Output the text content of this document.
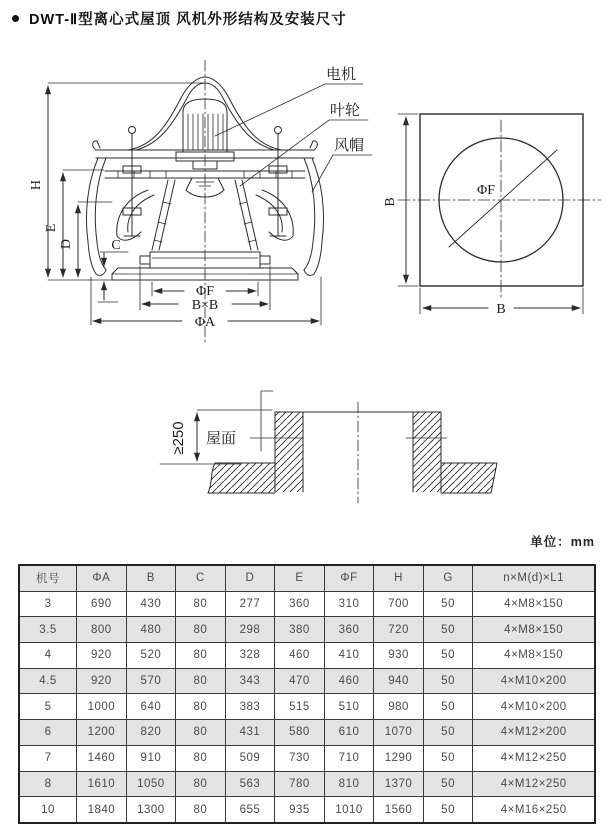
DWT-Ⅱ型离心式屋顶 风机外形结构及安装尺寸
H
E
D	C
ΦF
B×B
ΦA
电机
叶轮
风帽
ΦF
B
B
≥250 屋面
单位：mm
机号	ΦA	B	C	D	E	ΦF	H	G	n×M(d)×L1
3	690	430	80	277	360	310	700	50	4×M8×150
3.5	800	480	80	298	380	360	720	50	4×M8×150
4	920	520	80	328	460	410	930	50	4×M8×150
4.5	920	570	80	343	470	460	940	50	4×M10×200
5	1000	640	80	383	515	510	980	50	4×M10×200
6	1200	820	80	431	580	610	1070	50	4×M12×200
7	1460	910	80	509	730	710	1290	50	4×M12×250
8	1610	1050	80	563	780	810	1370	50	4×M12×250
10	1840	1300	80	655	935	1010	1560	50	4×M16×250
